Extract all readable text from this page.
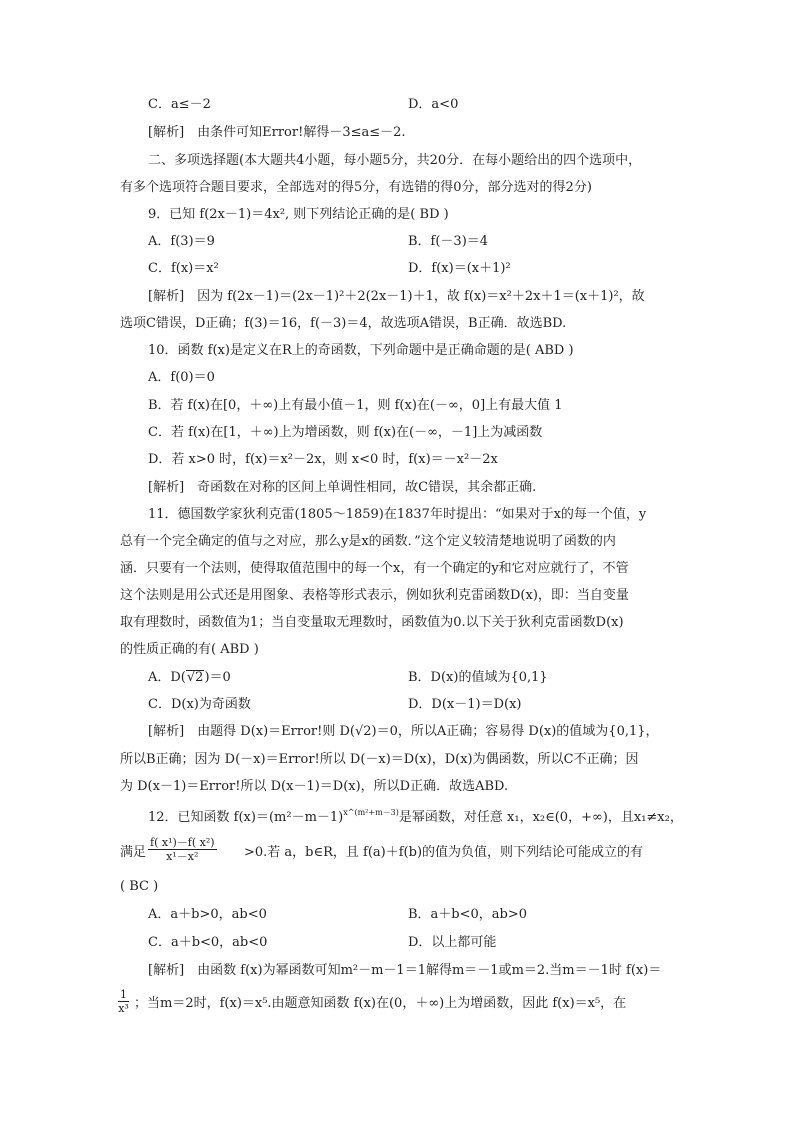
C．a≤－2	D．a<0
[解析]　由条件可知Error!解得－3≤a≤－2.
二、多项选择题(本大题共4小题，每小题5分，共20分．在每小题给出的四个选项中，
有多个选项符合题目要求，全部选对的得5分，有选错的得0分，部分选对的得2分)
9．已知 f(2x－1)＝4x², 则下列结论正确的是( BD )
A．f(3)＝9	B．f(－3)＝4
C．f(x)＝x²	D．f(x)＝(x＋1)²
[解析]　因为 f(2x－1)＝(2x－1)²＋2(2x－1)＋1，故 f(x)＝x²＋2x＋1＝(x＋1)²，故
选项C错误，D正确；f(3)＝16，f(－3)＝4，故选项A错误，B正确．故选BD.
10．函数 f(x)是定义在R上的奇函数，下列命题中是正确命题的是( ABD )
A．f(0)＝0
B．若 f(x)在[0，＋∞)上有最小值－1，则 f(x)在(－∞，0]上有最大值 1
C．若 f(x)在[1，＋∞)上为增函数，则 f(x)在(－∞，－1]上为减函数
D．若 x>0 时，f(x)＝x²－2x，则 x<0 时，f(x)＝－x²－2x
[解析]　奇函数在对称的区间上单调性相同，故C错误，其余都正确.
11．德国数学家狄利克雷(1805～1859)在1837年时提出：“如果对于x的每一个值，y
总有一个完全确定的值与之对应，那么y是x的函数．”这个定义较清楚地说明了函数的内
涵．只要有一个法则，使得取值范围中的每一个x，有一个确定的y和它对应就行了，不管
这个法则是用公式还是用图象、表格等形式表示，例如狄利克雷函数D(x)，即：当自变量
取有理数时，函数值为1；当自变量取无理数时，函数值为0.以下关于狄利克雷函数D(x)
的性质正确的有( ABD )
A．D(√2)＝0	B．D(x)的值域为{0,1}
C．D(x)为奇函数	D．D(x－1)＝D(x)
[解析]　由题得 D(x)＝Error!则 D(√2)＝0，所以A正确；容易得 D(x)的值域为{0,1}，
所以B正确；因为 D(－x)＝Error!所以 D(－x)＝D(x)，D(x)为偶函数，所以C不正确；因
为 D(x－1)＝Error!所以 D(x－1)＝D(x)，所以D正确．故选ABD.
12．已知函数 $f(x)=(m^2-m-1)^{x\^{}(m^2+m-3)}$是幂函数，对任意 x₁，x₂∈(0，+∞)，且x₁≠x₂，
满足 $\frac{\text{f( x¹)－f( x²)}}{\text{x¹－x²}} >0$.若 a，b∈R，且 f(a)＋f(b)的值为负值，则下列结论可能成立的有
( BC )
A．a＋b>0，ab<0	B．a＋b<0，ab>0
C．a＋b<0，ab<0	D．以上都可能
[解析]　由函数 f(x)为幂函数可知m²－m－1＝1解得m＝－1或m＝2.当m＝－1时 f(x)＝
$\frac{1}{\text{x³}}$ ；当m＝2时，f(x)＝x⁵.由题意知函数 f(x)在(0，＋∞)上为增函数，因此 f(x)＝x⁵，在
